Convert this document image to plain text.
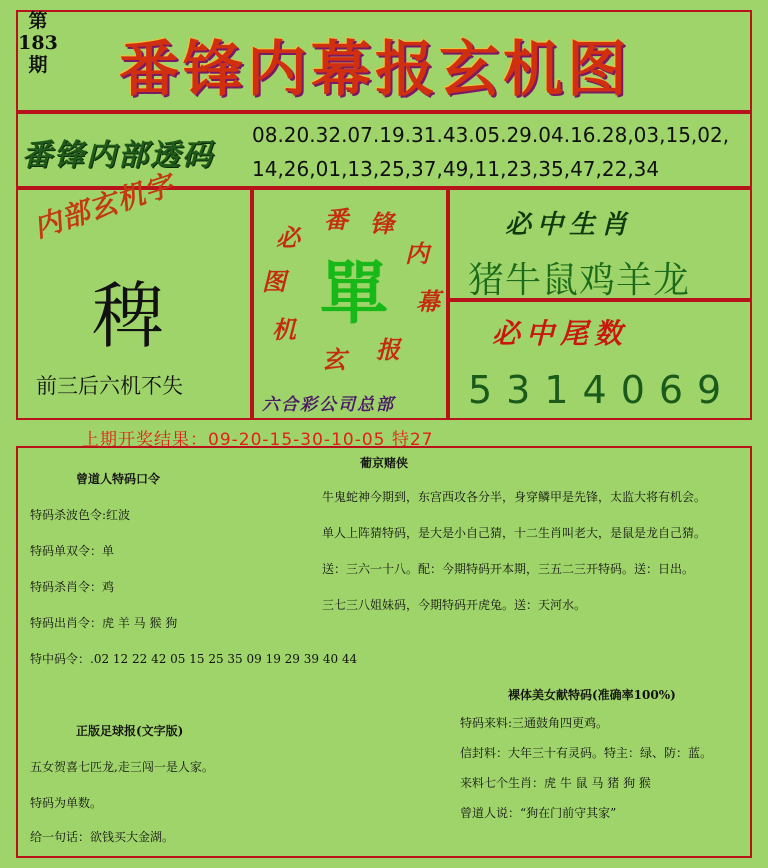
第183期	番锋内幕报玄机图
番锋内部透码
08.20.32.07.19.31.43.05.29.04.16.28,03,15,02,
14,26,01,13,25,37,49,11,23,35,47,22,34
内部玄机字
稗
前三后六机不失
番 锋
内
幕
报
玄
机
图
必
單
六合彩公司总部
必中生肖
猪牛鼠鸡羊龙
必中尾数
5314069
上期开奖结果：09-20-15-30-10-05 特27
曾道人特码口令
特码杀波色令:红波
特码单双令：单
特码杀肖令：鸡
特码出肖令：虎 羊 马 猴 狗
特中码令：.02 12 22 42 05 15 25 35 09 19 29 39 40 44
葡京赌侠
牛鬼蛇神今期到，东宫西攻各分半，身穿鳞甲是先锋，太监大将有机会。
单人上阵猜特码，是大是小自己猜，十二生肖叫老大，是鼠是龙自己猜。
送：三六一十八。配：今期特码开本期，三五二三开特码。送：日出。
三七三八姐妹码，今期特码开虎兔。送：天河水。
正版足球报(文字版)
五女贺喜七匹龙,走三闯一是人家。
特码为单数。
给一句话：欲钱买大金湖。
裸体美女献特码(准确率100%)
特码来料:三通鼓角四更鸡。
信封料：大年三十有灵码。特主：绿、防：蓝。
来料七个生肖：虎 牛 鼠 马 猪 狗 猴
曾道人说：“狗在门前守其家”
